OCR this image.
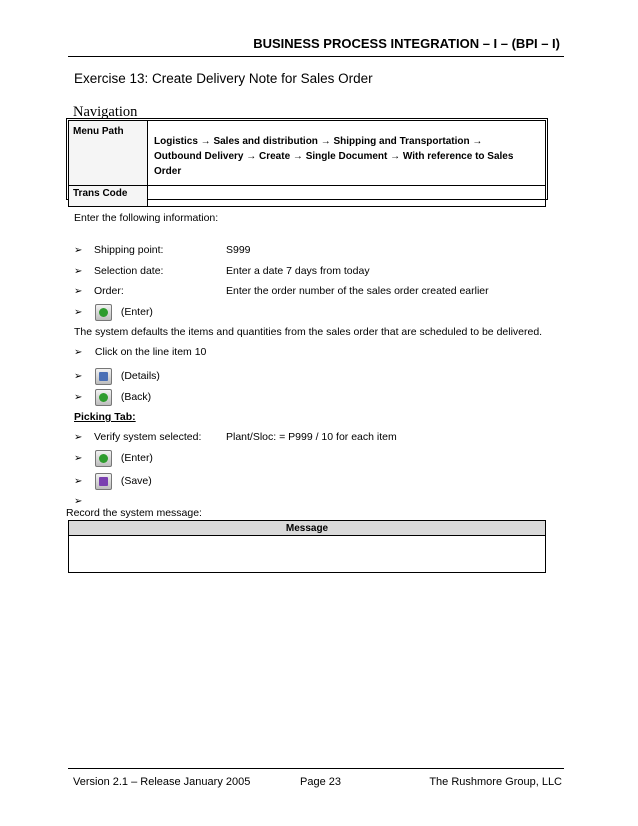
BUSINESS PROCESS INTEGRATION – I – (BPI – I)
Exercise 13: Create Delivery Note for Sales Order
Navigation
Menu Path	Logistics → Sales and distribution → Shipping and Transportation →
Outbound Delivery → Create → Single Document → With reference to Sales
Order

Trans Code	
Enter the following information:
➢ Shipping point:	S999
➢ Selection date:	Enter a date 7 days from today
➢ Order:	Enter the order number of the sales order created earlier
➢	(Enter)
The system defaults the items and quantities from the sales order that are scheduled to be delivered.
➢ Click on the line item 10
➢	(Details)
➢	(Back)
Picking Tab:
➢ Verify system selected: Plant/Sloc: = P999 / 10 for each item
➢	(Enter)
➢	(Save)
➢
Record the system message:
Message

Version 2.1 – Release January 2005	Page 23	The Rushmore Group, LLC
